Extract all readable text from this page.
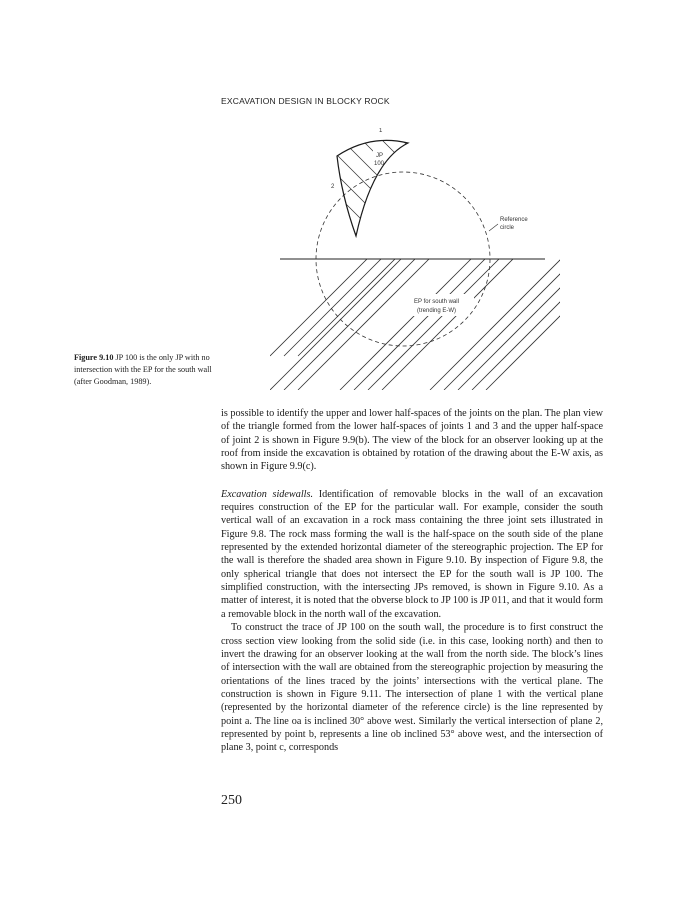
EXCAVATION DESIGN IN BLOCKY ROCK
1
2
JP
100
Reference
circle
EP for south wall
(trending E-W)
Figure 9.10 JP 100 is the only JP with no intersection with the EP for the south wall (after Goodman, 1989).

is possible to identify the upper and lower half-spaces of the joints on the plan. The plan view of the triangle formed from the lower half-spaces of joints 1 and 3 and the upper half-space of joint 2 is shown in Figure 9.9(b). The view of the block for an observer looking up at the roof from inside the excavation is obtained by rotation of the drawing about the E-W axis, as shown in Figure 9.9(c).

Excavation sidewalls. Identification of removable blocks in the wall of an excavation requires construction of the EP for the particular wall. For example, consider the south vertical wall of an excavation in a rock mass containing the three joint sets illustrated in Figure 9.8. The rock mass forming the wall is the half-space on the south side of the plane represented by the extended horizontal diameter of the stereographic projection. The EP for the wall is therefore the shaded area shown in Figure 9.10. By inspection of Figure 9.8, the only spherical triangle that does not intersect the EP for the south wall is JP 100. The simplified construction, with the intersecting JPs removed, is shown in Figure 9.10. As a matter of interest, it is noted that the obverse block to JP 100 is JP 011, and that it would form a removable block in the north wall of the excavation.

To construct the trace of JP 100 on the south wall, the procedure is to first construct the cross section view looking from the solid side (i.e. in this case, looking north) and then to invert the drawing for an observer looking at the wall from the north side. The block’s lines of intersection with the wall are obtained from the stereographic projection by measuring the orientations of the lines traced by the joints’ intersections with the vertical plane. The construction is shown in Figure 9.11. The intersection of plane 1 with the vertical plane (represented by the horizontal diameter of the reference circle) is the line represented by point a. The line oa is inclined 30° above west. Similarly the vertical intersection of plane 2, represented by point b, represents a line ob inclined 53° above west, and the intersection of plane 3, point c, corresponds

250
